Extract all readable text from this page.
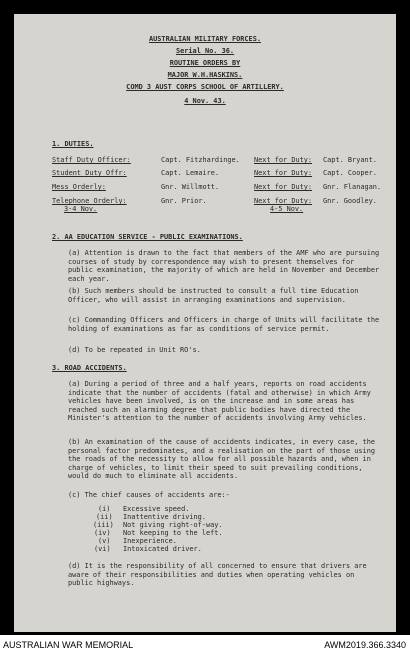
AUSTRALIAN MILITARY FORCES.
Serial No. 36.
ROUTINE ORDERS BY
MAJOR W.H.HASKINS.
COMD 3 AUST CORPS SCHOOL OF ARTILLERY.
4 Nov. 43.
1. DUTIES.
Staff Duty Officer:	Capt. Fitzhardinge. Next for Duty: Capt. Bryant.
Student Duty Offr:	Capt. Lemaire.	Next for Duty: Capt. Cooper.
Mess Orderly:	Gnr. Willmott.	Next for Duty: Gnr. Flanagan.
Telephone Orderly:	Gnr. Prior.	Next for Duty: Gnr. Goodley.
3-4 Nov.	4-5 Nov.
2. AA EDUCATION SERVICE - PUBLIC EXAMINATIONS.
(a) Attention is drawn to the fact that members of the AMF who are pursuing courses of study by correspondence may wish to present themselves for public examination, the majority of which are held in November and December each year.
(b) Such members should be instructed to consult a full time Education Officer, who will assist in arranging examinations and supervision.
(c) Commanding Officers and Officers in charge of Units will facilitate the holding of examinations as far as conditions of service permit.
(d) To be repeated in Unit RO's.
3. ROAD ACCIDENTS.
(a) During a period of three and a half years, reports on road accidents indicate that the number of accidents (fatal and otherwise) in which Army vehicles have been involved, is on the increase and in some areas has reached such an alarming degree that public bodies have directed the Minister's attention to the number of accidents involving Army vehicles.
(b) An examination of the cause of accidents indicates, in every case, the personal factor predominates, and a realisation on the part of those using the roads of the necessity to allow for all possible hazards and, when in charge of vehicles, to limit their speed to suit prevailing conditions, would do much to eliminate all accidents.
(c) The chief causes of accidents are:-
(i) Excessive speed.
(ii) Inattentive driving.
(iii) Not giving right-of-way.
(iv) Not keeping to the left.
(v) Inexperience.
(vi) Intoxicated driver.
(d) It is the responsibility of all concerned to ensure that drivers are aware of their responsibilities and duties when operating vehicles on public highways.
AUSTRALIAN WAR MEMORIAL	AWM2019.366.3340
